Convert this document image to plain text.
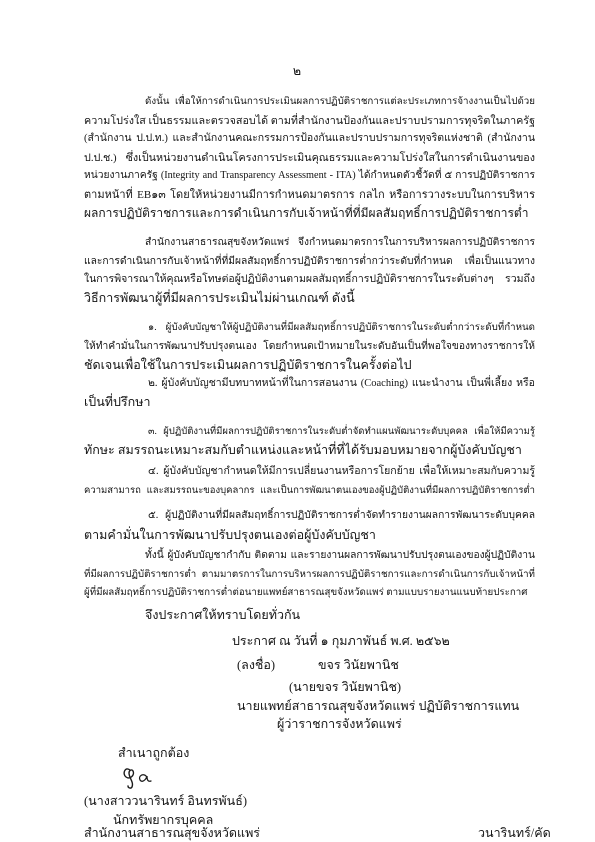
๒
ดังนั้น เพื่อให้การดำเนินการประเมินผลการปฏิบัติราชการแต่ละประเภทการจ้างงานเป็นไปด้วย
ความโปร่งใส เป็นธรรมและตรวจสอบได้ ตามที่สำนักงานป้องกันและปราบปรามการทุจริตในภาครัฐ
(สำนักงาน ป.ป.ท.) และสำนักงานคณะกรรมการป้องกันและปราบปรามการทุจริตแห่งชาติ (สำนักงาน
ป.ป.ช.) ซึ่งเป็นหน่วยงานดำเนินโครงการประเมินคุณธรรมและความโปร่งใสในการดำเนินงานของ
หน่วยงานภาครัฐ (Integrity and Transparency Assessment - ITA) ได้กำหนดตัวชี้วัดที่ ๕ การปฏิบัติราชการ
ตามหน้าที่ EB๑๓ โดยให้หน่วยงานมีการกำหนดมาตรการ กลไก หรือการวางระบบในการบริหาร
ผลการปฏิบัติราชการและการดำเนินการกับเจ้าหน้าที่ที่มีผลสัมฤทธิ์การปฏิบัติราชการต่ำ
สำนักงานสาธารณสุขจังหวัดแพร่ จึงกำหนดมาตรการในการบริหารผลการปฏิบัติราชการ
และการดำเนินการกับเจ้าหน้าที่ที่มีผลสัมฤทธิ์การปฏิบัติราชการต่ำกว่าระดับที่กำหนด เพื่อเป็นแนวทาง
ในการพิจารณาให้คุณหรือโทษต่อผู้ปฏิบัติงานตามผลสัมฤทธิ์การปฏิบัติราชการในระดับต่างๆ รวมถึง
วิธีการพัฒนาผู้ที่มีผลการประเมินไม่ผ่านเกณฑ์ ดังนี้
๑. ผู้บังคับบัญชาให้ผู้ปฏิบัติงานที่มีผลสัมฤทธิ์การปฏิบัติราชการในระดับต่ำกว่าระดับที่กำหนด
ให้ทำคำมั่นในการพัฒนาปรับปรุงตนเอง โดยกำหนดเป้าหมายในระดับอันเป็นที่พอใจของทางราชการให้
ชัดเจนเพื่อใช้ในการประเมินผลการปฏิบัติราชการในครั้งต่อไป
๒. ผู้บังคับบัญชามีบทบาทหน้าที่ในการสอนงาน (Coaching) แนะนำงาน เป็นพี่เลี้ยง หรือ
เป็นที่ปรึกษา
๓. ผู้ปฏิบัติงานที่มีผลการปฏิบัติราชการในระดับต่ำจัดทำแผนพัฒนาระดับบุคคล เพื่อให้มีความรู้
ทักษะ สมรรถนะเหมาะสมกับตำแหน่งและหน้าที่ที่ได้รับมอบหมายจากผู้บังคับบัญชา
๔. ผู้บังคับบัญชากำหนดให้มีการเปลี่ยนงานหรือการโยกย้าย เพื่อให้เหมาะสมกับความรู้
ความสามารถ และสมรรถนะของบุคลากร และเป็นการพัฒนาตนเองของผู้ปฏิบัติงานที่มีผลการปฏิบัติราชการต่ำ
๕. ผู้ปฏิบัติงานที่มีผลสัมฤทธิ์การปฏิบัติราชการต่ำจัดทำรายงานผลการพัฒนาระดับบุคคล
ตามคำมั่นในการพัฒนาปรับปรุงตนเองต่อผู้บังคับบัญชา
ทั้งนี้ ผู้บังคับบัญชากำกับ ติดตาม และรายงานผลการพัฒนาปรับปรุงตนเองของผู้ปฏิบัติงาน
ที่มีผลการปฏิบัติราชการต่ำ ตามมาตรการในการบริหารผลการปฏิบัติราชการและการดำเนินการกับเจ้าหน้าที่
ผู้ที่มีผลสัมฤทธิ์การปฏิบัติราชการต่ำต่อนายแพทย์สาธารณสุขจังหวัดแพร่ ตามแบบรายงานแนบท้ายประกาศ
จึงประกาศให้ทราบโดยทั่วกัน
ประกาศ ณ วันที่ ๑ กุมภาพันธ์ พ.ศ. ๒๕๖๒
(ลงชื่อ)	ขจร วินัยพานิช
(นายขจร วินัยพานิช)
นายแพทย์สาธารณสุขจังหวัดแพร่ ปฏิบัติราชการแทน
ผู้ว่าราชการจังหวัดแพร่
สำเนาถูกต้อง
(นางสาววนารินทร์ อินทรพันธ์)
นักทรัพยากรบุคคล
สำนักงานสาธารณสุขจังหวัดแพร่	วนารินทร์/คัด
